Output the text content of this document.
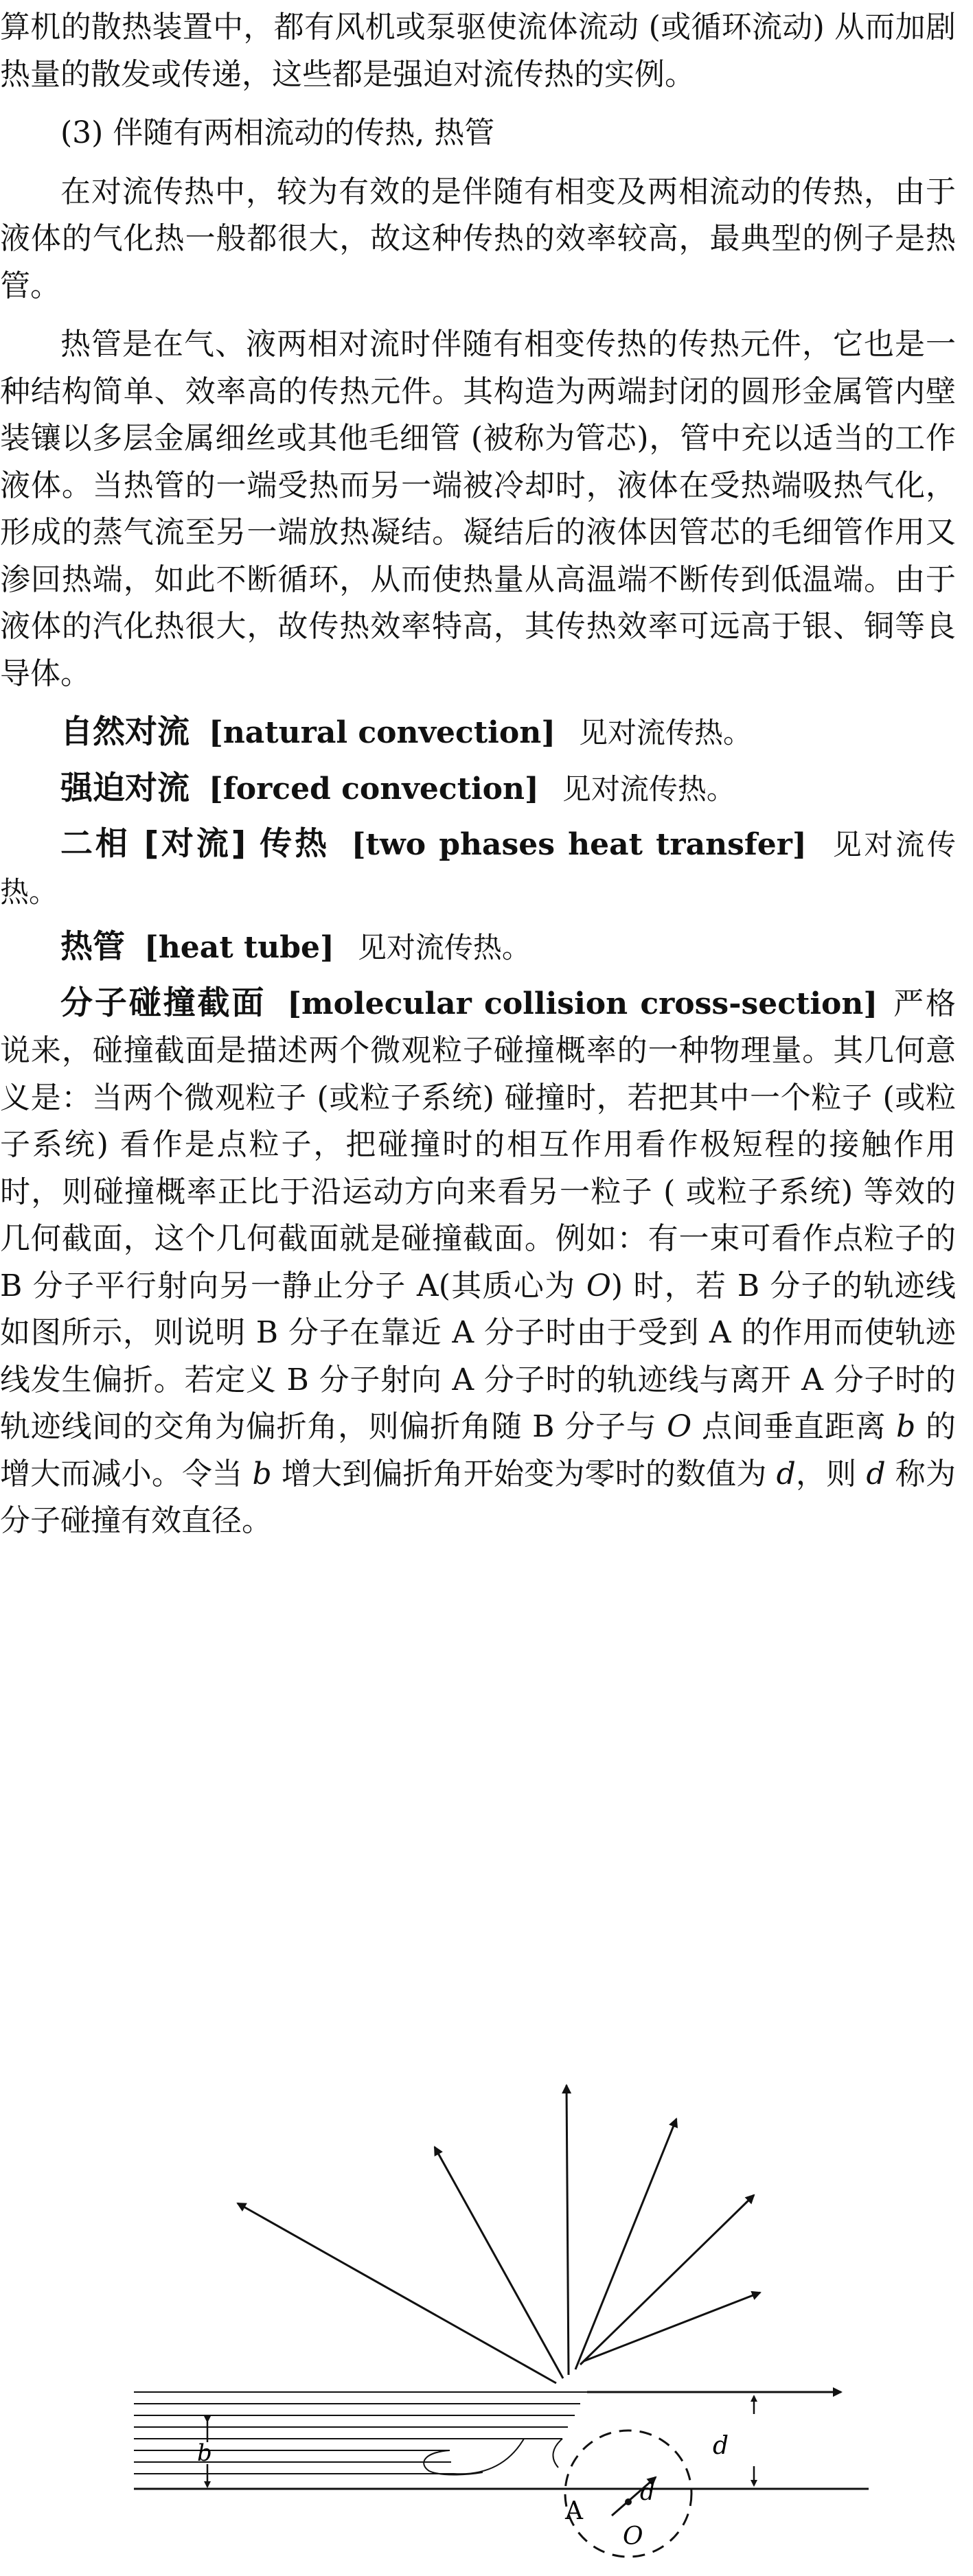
算机的散热装置中，都有风机或泵驱使流体流动 (或循环流动) 从而加剧热量的散发或传递，这些都是强迫对流传热的实例。

(3) 伴随有两相流动的传热, 热管

在对流传热中，较为有效的是伴随有相变及两相流动的传热，由于液体的气化热一般都很大，故这种传热的效率较高，最典型的例子是热管。

热管是在气、液两相对流时伴随有相变传热的传热元件，它也是一种结构简单、效率高的传热元件。其构造为两端封闭的圆形金属管内壁装镶以多层金属细丝或其他毛细管 (被称为管芯)，管中充以适当的工作液体。当热管的一端受热而另一端被冷却时，液体在受热端吸热气化，形成的蒸气流至另一端放热凝结。凝结后的液体因管芯的毛细管作用又渗回热端，如此不断循环，从而使热量从高温端不断传到低温端。由于液体的汽化热很大，故传热效率特高，其传热效率可远高于银、铜等良导体。

自然对流 [natural convection] 见对流传热。

强迫对流 [forced convection] 见对流传热。

二相 [对流] 传热 [two phases heat transfer] 见对流传热。

热管 [heat tube] 见对流传热。

分子碰撞截面 [molecular collision cross-section] 严格说来，碰撞截面是描述两个微观粒子碰撞概率的一种物理量。其几何意义是：当两个微观粒子 (或粒子系统) 碰撞时，若把其中一个粒子 (或粒子系统) 看作是点粒子，把碰撞时的相互作用看作极短程的接触作用时，则碰撞概率正比于沿运动方向来看另一粒子 ( 或粒子系统) 等效的几何截面，这个几何截面就是碰撞截面。例如：有一束可看作点粒子的 B 分子平行射向另一静止分子 A(其质心为 O) 时，若 B 分子的轨迹线如图所示，则说明 B 分子在靠近 A 分子时由于受到 A 的作用而使轨迹线发生偏折。若定义 B 分子射向 A 分子时的轨迹线与离开 A 分子时的轨迹线间的交角为偏折角，则偏折角随 B 分子与 O 点间垂直距离 b 的增大而减小。令当 b 增大到偏折角开始变为零时的数值为 d，则 d 称为分子碰撞有效直径。

b
A
d
O
d
